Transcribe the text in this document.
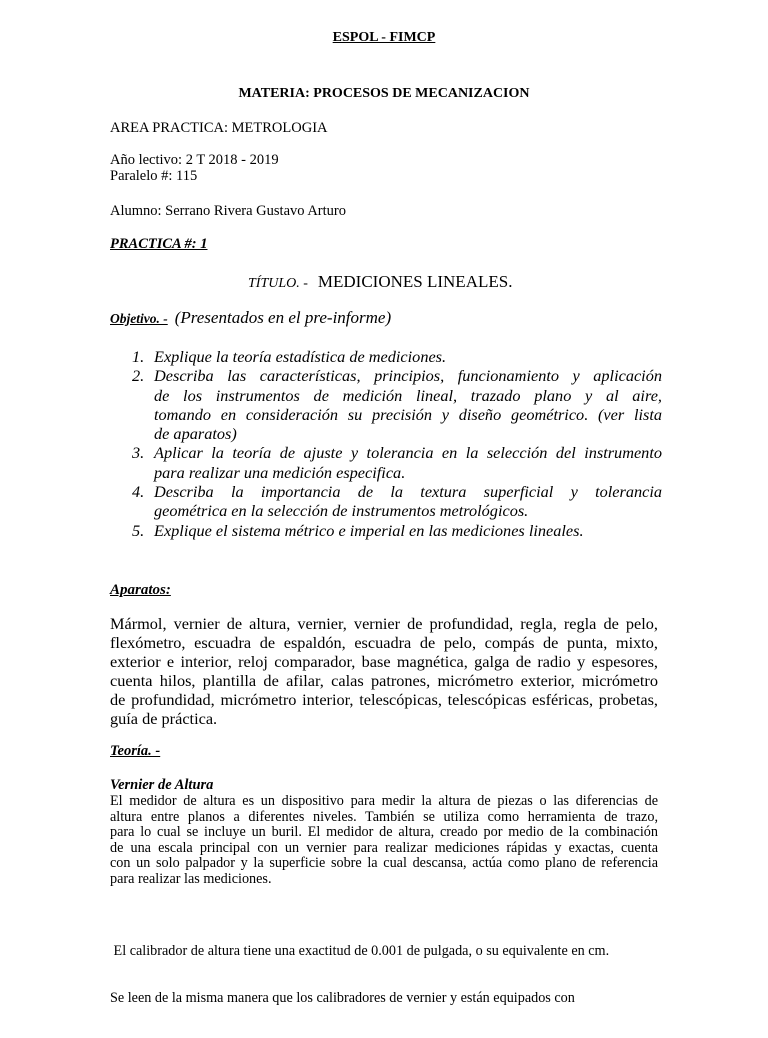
ESPOL - FIMCP
MATERIA: PROCESOS DE MECANIZACION
AREA PRACTICA: METROLOGIA
Año lectivo: 2 T 2018 - 2019
Paralelo #: 115
Alumno: Serrano Rivera Gustavo Arturo
PRACTICA #: 1
TÍTULO. - MEDICIONES LINEALES.
Objetivo. - (Presentados en el pre-informe)
1. Explique la teoría estadística de mediciones.
2. Describa las características, principios, funcionamiento y aplicación
de los instrumentos de medición lineal, trazado plano y al aire,
tomando en consideración su precisión y diseño geométrico. (ver lista
de aparatos)
3. Aplicar la teoría de ajuste y tolerancia en la selección del instrumento
para realizar una medición especifica.
4. Describa la importancia de la textura superficial y tolerancia
geométrica en la selección de instrumentos metrológicos.
5. Explique el sistema métrico e imperial en las mediciones lineales.
Aparatos:
Mármol, vernier de altura, vernier, vernier de profundidad, regla, regla de pelo,
flexómetro, escuadra de espaldón, escuadra de pelo, compás de punta, mixto,
exterior e interior, reloj comparador, base magnética, galga de radio y espesores,
cuenta hilos, plantilla de afilar, calas patrones, micrómetro exterior, micrómetro
de profundidad, micrómetro interior, telescópicas, telescópicas esféricas, probetas,
guía de práctica.
Teoría. -
Vernier de Altura
El medidor de altura es un dispositivo para medir la altura de piezas o las diferencias de
altura entre planos a diferentes niveles. También se utiliza como herramienta de trazo,
para lo cual se incluye un buril. El medidor de altura, creado por medio de la combinación
de una escala principal con un vernier para realizar mediciones rápidas y exactas, cuenta
con un solo palpador y la superficie sobre la cual descansa, actúa como plano de referencia
para realizar las mediciones.

El calibrador de altura tiene una exactitud de 0.001 de pulgada, o su equivalente en cm.

Se leen de la misma manera que los calibradores de vernier y están equipados con
